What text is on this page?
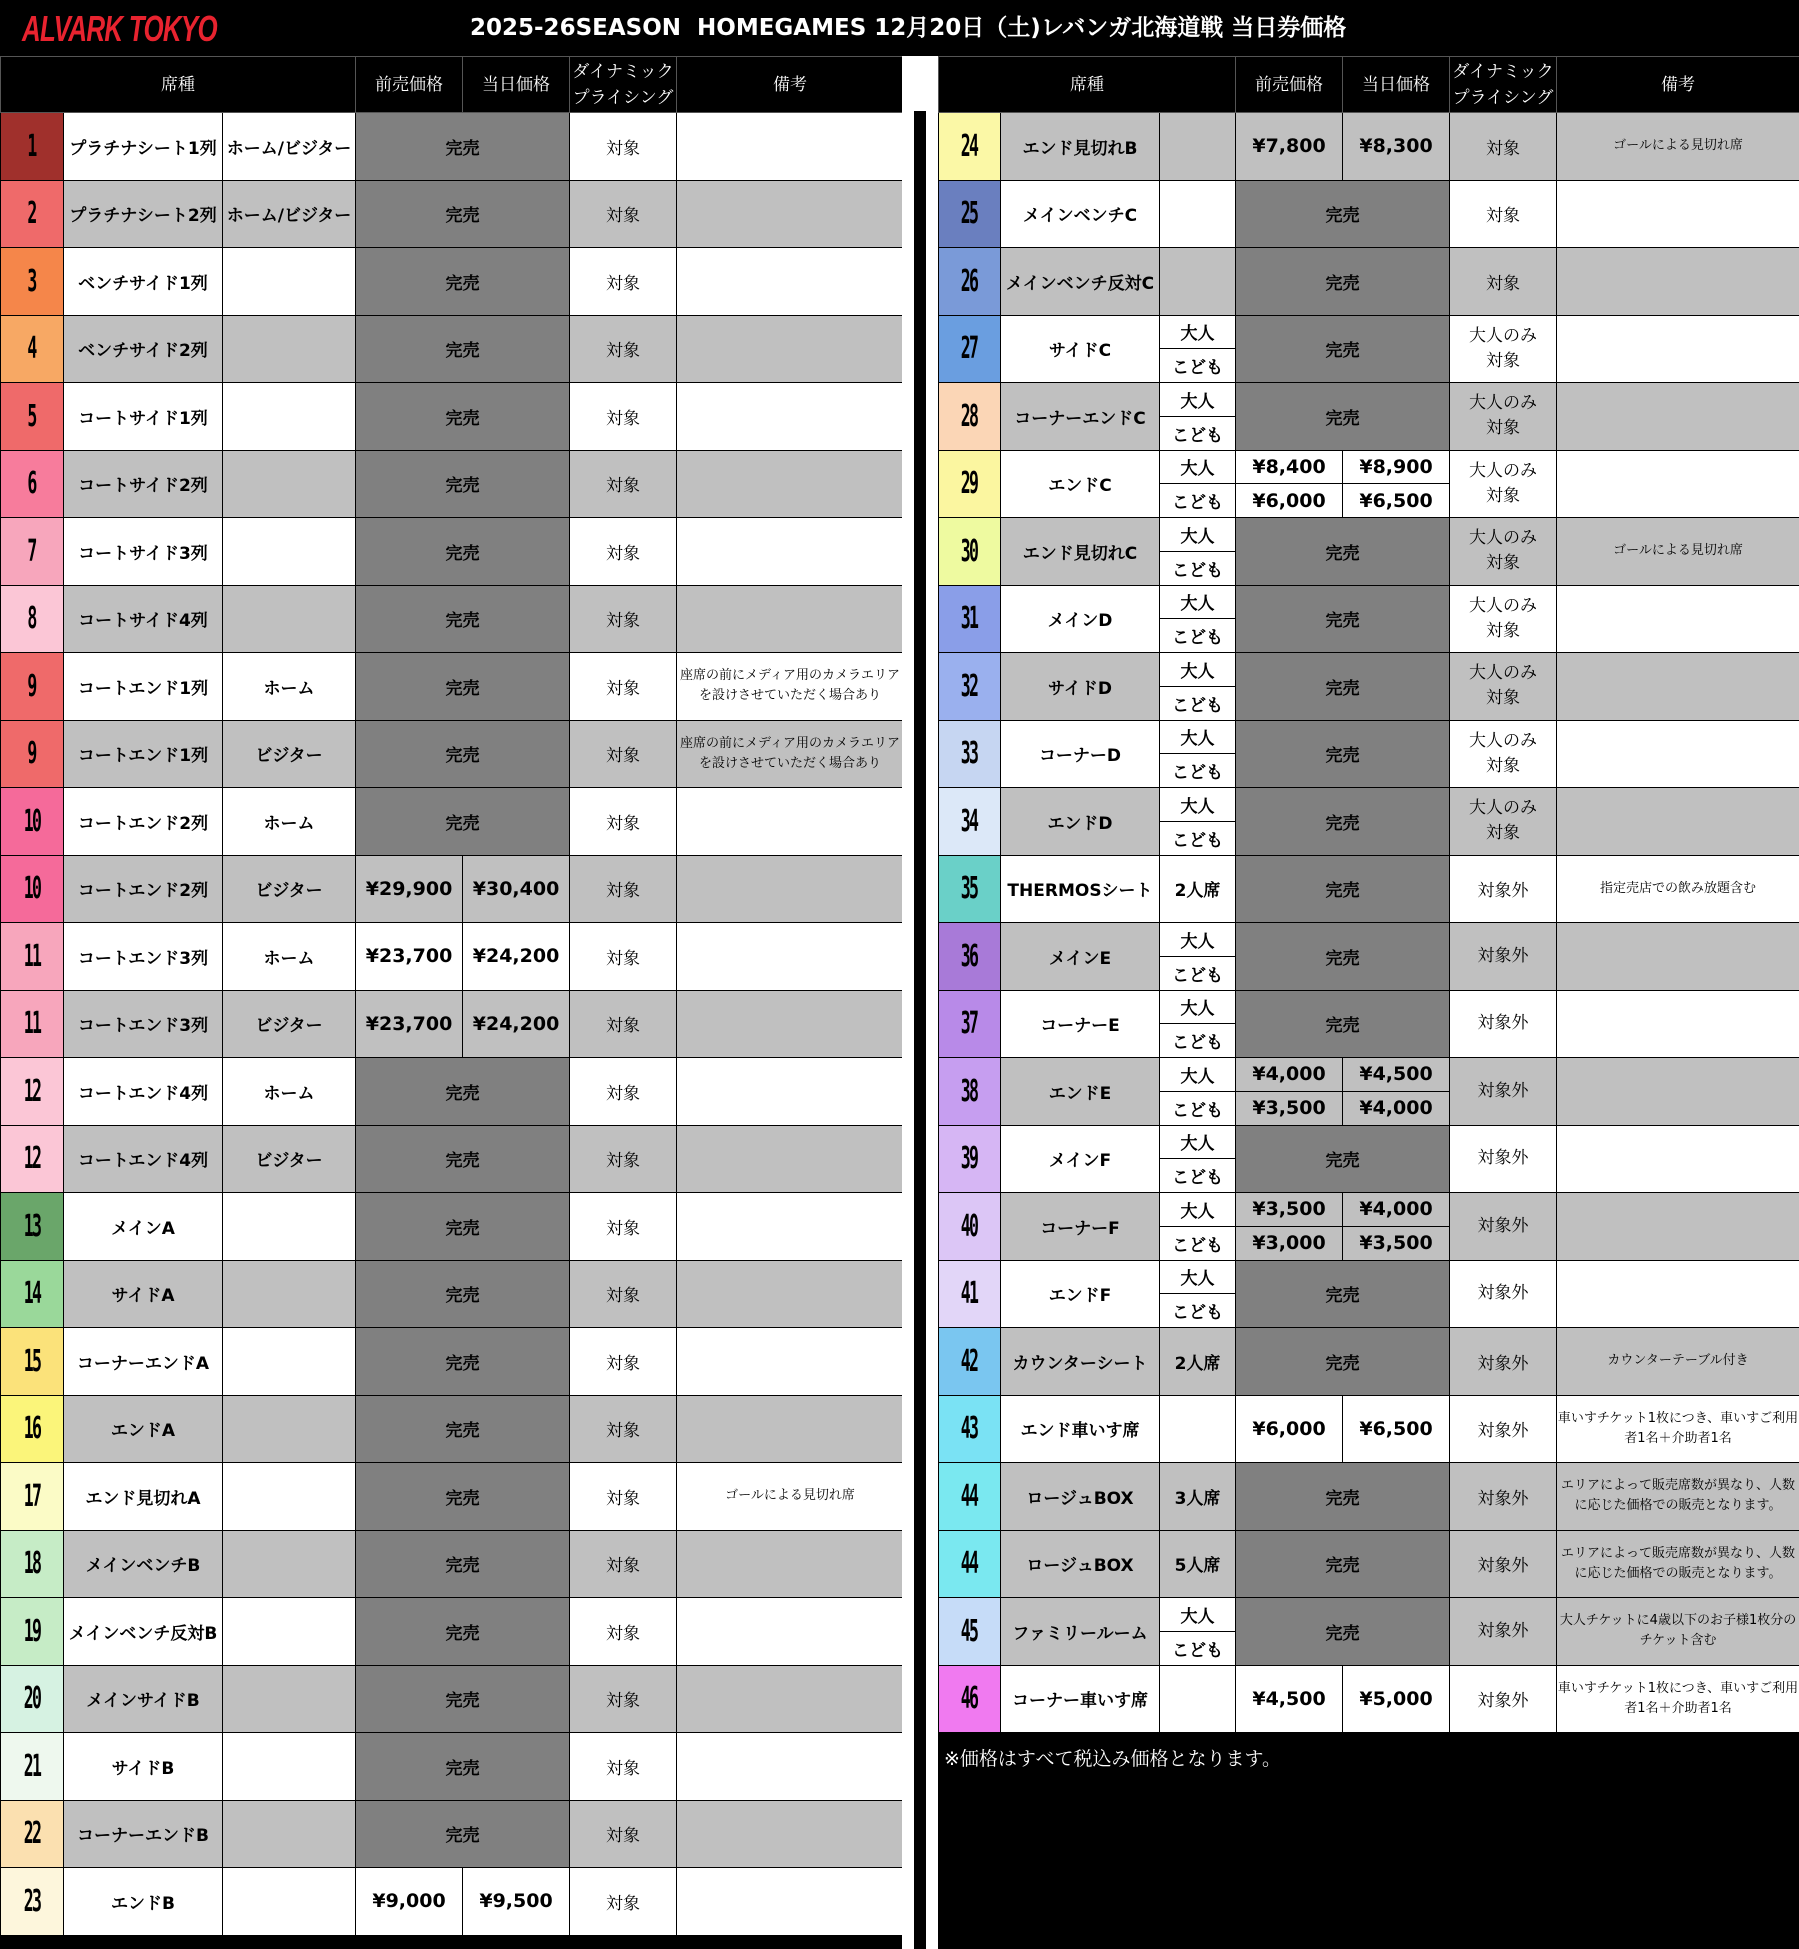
ALVARK TOKYO	2025-26SEASON  HOMEGAMES 12月20日（土)レバンガ北海道戦 当日券価格
席種			前売価格	当日価格	ダイナミック
プライシング	備考
1	プラチナシート1列	ホーム/ビジター	完売		対象	
2	プラチナシート2列	ホーム/ビジター	完売		対象	
3	ベンチサイド1列		完売		対象	
4	ベンチサイド2列		完売		対象	
5	コートサイド1列		完売		対象	
6	コートサイド2列		完売		対象	
7	コートサイド3列		完売		対象	
8	コートサイド4列		完売		対象	
9	コートエンド1列	ホーム	完売		対象	座席の前にメディア用のカメラエリアを設けさせていただく場合あり
9	コートエンド1列	ビジター	完売		対象	座席の前にメディア用のカメラエリアを設けさせていただく場合あり
10	コートエンド2列	ホーム	完売		対象	
10	コートエンド2列	ビジター	¥29,900	¥30,400	対象	
11	コートエンド3列	ホーム	¥23,700	¥24,200	対象	
11	コートエンド3列	ビジター	¥23,700	¥24,200	対象	
12	コートエンド4列	ホーム	完売		対象	
12	コートエンド4列	ビジター	完売		対象	
13	メインA		完売		対象	
14	サイドA		完売		対象	
15	コーナーエンドA		完売		対象	
16	エンドA		完売		対象	
17	エンド見切れA		完売		対象	ゴールによる見切れ席
18	メインベンチB		完売		対象	
19	メインベンチ反対B		完売		対象	
20	メインサイドB		完売		対象	
21	サイドB		完売		対象	
22	コーナーエンドB		完売		対象	
23	エンドB		¥9,000	¥9,500	対象	
席種			前売価格	当日価格	ダイナミック
プライシング	備考
24	エンド見切れB		¥7,800	¥8,300	対象	ゴールによる見切れ席
25	メインベンチC		完売		対象	
26	メインベンチ反対C		完売		対象	
27	サイドC	大人	完売		大人のみ
対象	
		こども				
28	コーナーエンドC	大人	完売		大人のみ
対象	
		こども				
29	エンドC	大人	¥8,400	¥8,900	大人のみ
対象	
		こども	¥6,000	¥6,500		
30	エンド見切れC	大人	完売		大人のみ
対象	ゴールによる見切れ席
		こども				
31	メインD	大人	完売		大人のみ
対象	
		こども				
32	サイドD	大人	完売		大人のみ
対象	
		こども				
33	コーナーD	大人	完売		大人のみ
対象	
		こども				
34	エンドD	大人	完売		大人のみ
対象	
		こども				
35	THERMOSシート	2人席	完売		対象外	指定売店での飲み放題含む
36	メインE	大人	完売		対象外	
		こども				
37	コーナーE	大人	完売		対象外	
		こども				
38	エンドE	大人	¥4,000	¥4,500	対象外	
		こども	¥3,500	¥4,000		
39	メインF	大人	完売		対象外	
		こども				
40	コーナーF	大人	¥3,500	¥4,000	対象外	
		こども	¥3,000	¥3,500		
41	エンドF	大人	完売		対象外	
		こども				
42	カウンターシート	2人席	完売		対象外	カウンターテーブル付き
43	エンド車いす席		¥6,000	¥6,500	対象外	車いすチケット1枚につき、車いすご利用者1名＋介助者1名
44	ロージュBOX	3人席	完売		対象外	エリアによって販売席数が異なり、人数に応じた価格での販売となります。
44	ロージュBOX	5人席	完売		対象外	エリアによって販売席数が異なり、人数に応じた価格での販売となります。
45	ファミリールーム	大人	完売		対象外	大人チケットに4歳以下のお子様1枚分のチケット含む
		こども				
46	コーナー車いす席		¥4,500	¥5,000	対象外	車いすチケット1枚につき、車いすご利用者1名＋介助者1名
※価格はすべて税込み価格となります。
